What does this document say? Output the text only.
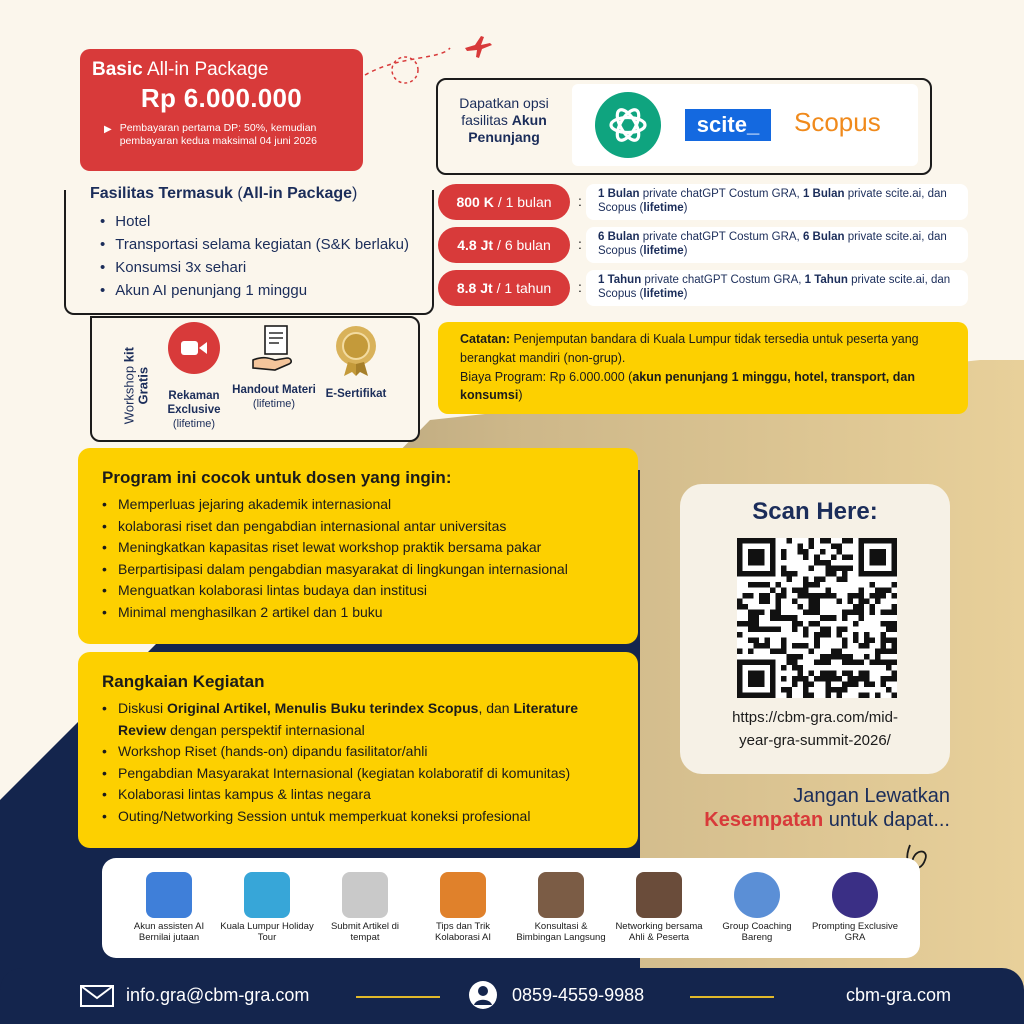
Basic All-in Package
Rp 6.000.000
▶ Pembayaran pertama DP: 50%, kemudian pembayaran kedua maksimal 04 juni 2026
Dapatkan opsi fasilitas Akun Penunjang	scite_	Scopus
Fasilitas Termasuk (All-in Package)
• Hotel
• Transportasi selama kegiatan (S&K berlaku)
• Konsumsi 3x sehari
• Akun AI penunjang 1 minggu
800 K / 1 bulan :	1 Bulan private chatGPT Costum GRA, 1 Bulan private scite.ai, dan Scopus (lifetime)
4.8 Jt / 6 bulan :	6 Bulan private chatGPT Costum GRA, 6 Bulan private scite.ai, dan Scopus (lifetime)
8.8 Jt / 1 tahun :	1 Tahun private chatGPT Costum GRA, 1 Tahun private scite.ai, dan Scopus (lifetime)
Workshop kit Gratis	Rekaman Exclusive
(lifetime)
Handout Materi
(lifetime)
E-Sertifikat
Catatan: Penjemputan bandara di Kuala Lumpur tidak tersedia untuk peserta yang berangkat mandiri (non-grup).
Biaya Program: Rp 6.000.000 (akun penunjang 1 minggu, hotel, transport, dan konsumsi)
Program ini cocok untuk dosen yang ingin:
• Memperluas jejaring akademik internasional
• kolaborasi riset dan pengabdian internasional antar universitas
• Meningkatkan kapasitas riset lewat workshop praktik bersama pakar
• Berpartisipasi dalam pengabdian masyarakat di lingkungan internasional
• Menguatkan kolaborasi lintas budaya dan institusi
• Minimal menghasilkan 2 artikel dan 1 buku
Rangkaian Kegiatan
• Diskusi Original Artikel, Menulis Buku terindex Scopus, dan Literature Review dengan perspektif internasional
• Workshop Riset (hands-on) dipandu fasilitator/ahli
• Pengabdian Masyarakat Internasional (kegiatan kolaboratif di komunitas)
• Kolaborasi lintas kampus & lintas negara
• Outing/Networking Session untuk memperkuat koneksi profesional
Scan Here:
https://cbm-gra.com/mid-
year-gra-summit-2026/
Jangan Lewatkan
Kesempatan untuk dapat...
Akun assisten AI Bernilai jutaan
Kuala Lumpur Holiday Tour
Submit Artikel di tempat
Tips dan Trik Kolaborasi AI
Konsultasi & Bimbingan Langsung
Networking bersama Ahli & Peserta
Group Coaching Bareng
Prompting Exclusive GRA
info.gra@cbm-gra.com	0859-4559-9988	cbm-gra.com
